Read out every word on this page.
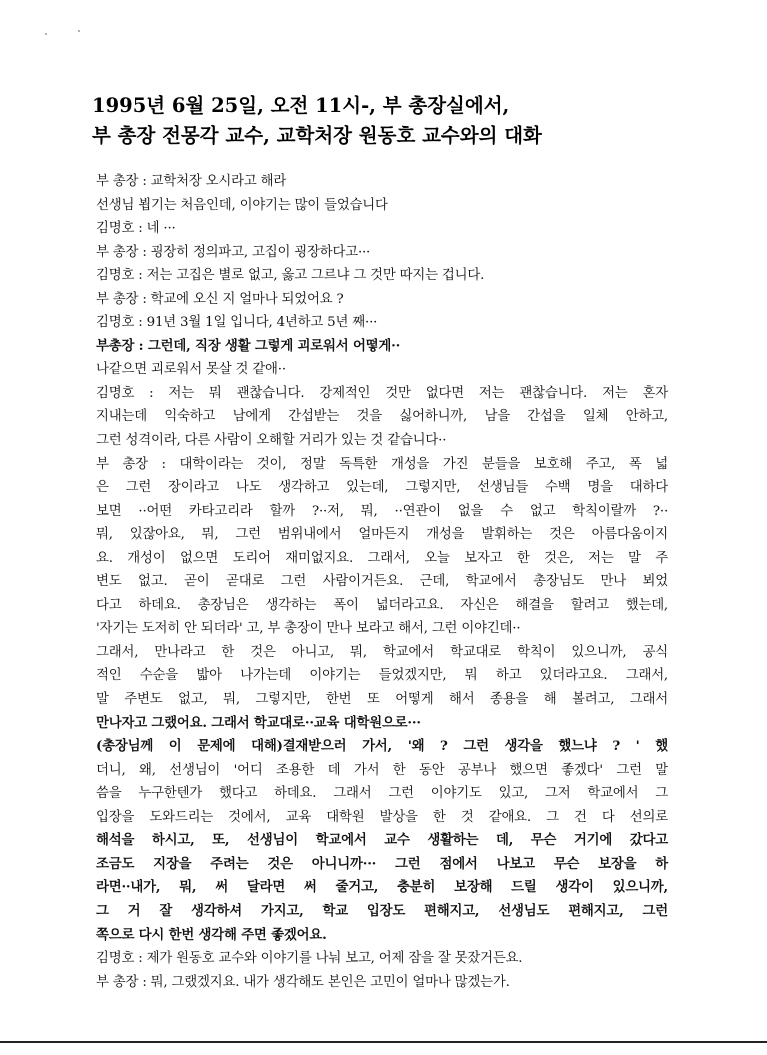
1995년 6월 25일, 오전 11시-, 부 총장실에서,
부 총장 전몽각 교수, 교학처장 원동호 교수와의 대화
부 총장 : 교학처장 오시라고 해라
선생님 뵙기는 처음인데, 이야기는 많이 들었습니다
김명호 : 네 ···
부 총장 : 굉장히 정의파고, 고집이 굉장하다고···
김명호 : 저는 고집은 별로 없고, 옳고 그르냐 그 것만 따지는 겁니다.
부 총장 : 학교에 오신 지 얼마나 되었어요 ?
김명호 : 91년 3월 1일 입니다, 4년하고 5년 째···
부총장 : 그런데, 직장 생활 그렇게 괴로워서 어떻게··
나같으면 괴로워서 못살 것 같애··
김명호 : 저는 뭐 괜찮습니다. 강제적인 것만 없다면 저는 괜찮습니다. 저는 혼자
지내는데 익숙하고 남에게 간섭받는 것을 싫어하니까, 남을 간섭을 일체 안하고,
그런 성격이라, 다른 사람이 오해할 거리가 있는 것 같습니다··
부 총장 : 대학이라는 것이, 정말 독특한 개성을 가진 분들을 보호해 주고, 폭 넓
은 그런 장이라고 나도 생각하고 있는데, 그렇지만, 선생님들 수백 명을 대하다
보면 ··어떤 카타고리라 할까 ?··저, 뭐, ··연관이 없을 수 없고 학칙이랄까 ?··
뭐, 있잖아요, 뭐, 그런 범위내에서 얼마든지 개성을 발휘하는 것은 아름다움이지
요. 개성이 없으면 도리어 재미없지요. 그래서, 오늘 보자고 한 것은, 저는 말 주
변도 없고. 곧이 곧대로 그런 사람이거든요. 근데, 학교에서 총장님도 만나 뵈었
다고 하데요. 총장님은 생각하는 폭이 넓더라고요. 자신은 해결을 할려고 했는데,
'자기는 도저히 안 되더라' 고, 부 총장이 만나 보라고 해서, 그런 이야긴데··
그래서, 만나라고 한 것은 아니고, 뭐, 학교에서 학교대로 학칙이 있으니까, 공식
적인 수순을 밟아 나가는데 이야기는 들었겠지만, 뭐 하고 있더라고요. 그래서,
말 주변도 없고, 뭐, 그렇지만, 한번 또 어떻게 해서 종용을 해 볼려고, 그래서
만나자고 그랬어요. 그래서 학교대로··교육 대학원으로···
(총장님께 이 문제에 대해)결재받으러 가서, '왜 ? 그런 생각을 했느냐 ? ' 했
더니, 왜, 선생님이 '어디 조용한 데 가서 한 동안 공부나 했으면 좋겠다' 그런 말
씀을 누구한텐가 했다고 하데요. 그래서 그런 이야기도 있고, 그저 학교에서 그
입장을 도와드리는 것에서, 교육 대학원 발상을 한 것 같애요. 그 건 다 선의로
해석을 하시고, 또, 선생님이 학교에서 교수 생활하는 데, 무슨 거기에 갔다고
조금도 지장을 주려는 것은 아니니까··· 그런 점에서 나보고 무슨 보장을 하
라면··내가, 뭐, 써 달라면 써 줄거고, 충분히 보장해 드릴 생각이 있으니까,
그 거 잘 생각하셔 가지고, 학교 입장도 편해지고, 선생님도 편해지고, 그런
쪽으로 다시 한번 생각해 주면 좋겠어요.
김명호 : 제가 원동호 교수와 이야기를 나눠 보고, 어제 잠을 잘 못잤거든요.
부 총장 : 뭐, 그랬겠지요. 내가 생각해도 본인은 고민이 얼마나 많겠는가.
